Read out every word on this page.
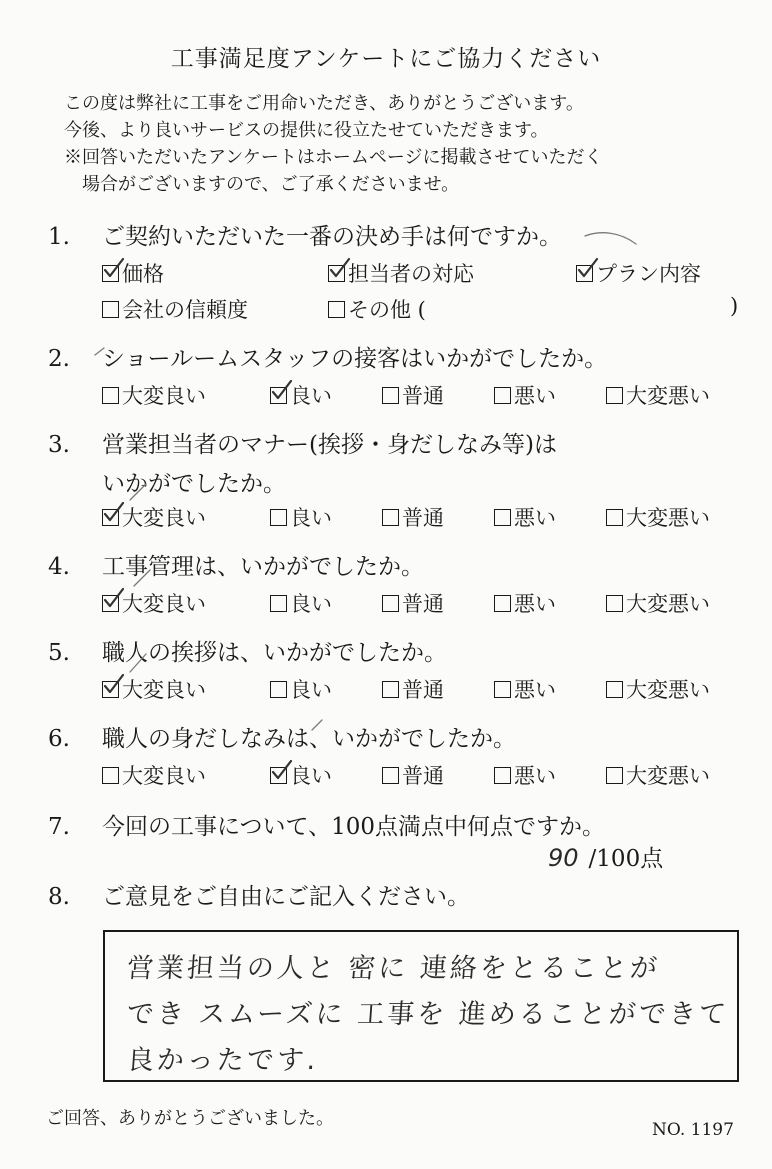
工事満足度アンケートにご協力ください
この度は弊社に工事をご用命いただき、ありがとうございます。
今後、より良いサービスの提供に役立たせていただきます。
※回答いただいたアンケートはホームページに掲載させていただく
場合がございますので、ご了承くださいませ。
1. ご契約いただいた一番の決め手は何ですか。
価格	担当者の対応	プラン内容
会社の信頼度	その他 (	)
2. ショールームスタッフの接客はいかがでしたか。
大変良い	良い	普通	悪い	大変悪い
3. 営業担当者のマナー(挨拶・身だしなみ等)は
いかがでしたか。
大変良い	良い	普通	悪い	大変悪い
4. 工事管理は、いかがでしたか。
大変良い	良い	普通	悪い	大変悪い
5. 職人の挨拶は、いかがでしたか。
大変良い	良い	普通	悪い	大変悪い
6. 職人の身だしなみは、いかがでしたか。
大変良い	良い	普通	悪い	大変悪い
7. 今回の工事について、100点満点中何点ですか。
90 /100点
8. ご意見をご自由にご記入ください。
営業担当の人と 密に 連絡をとることが
でき スムーズに 工事を 進めることができて
良かったです.
ご回答、ありがとうございました。
NO. 1197
